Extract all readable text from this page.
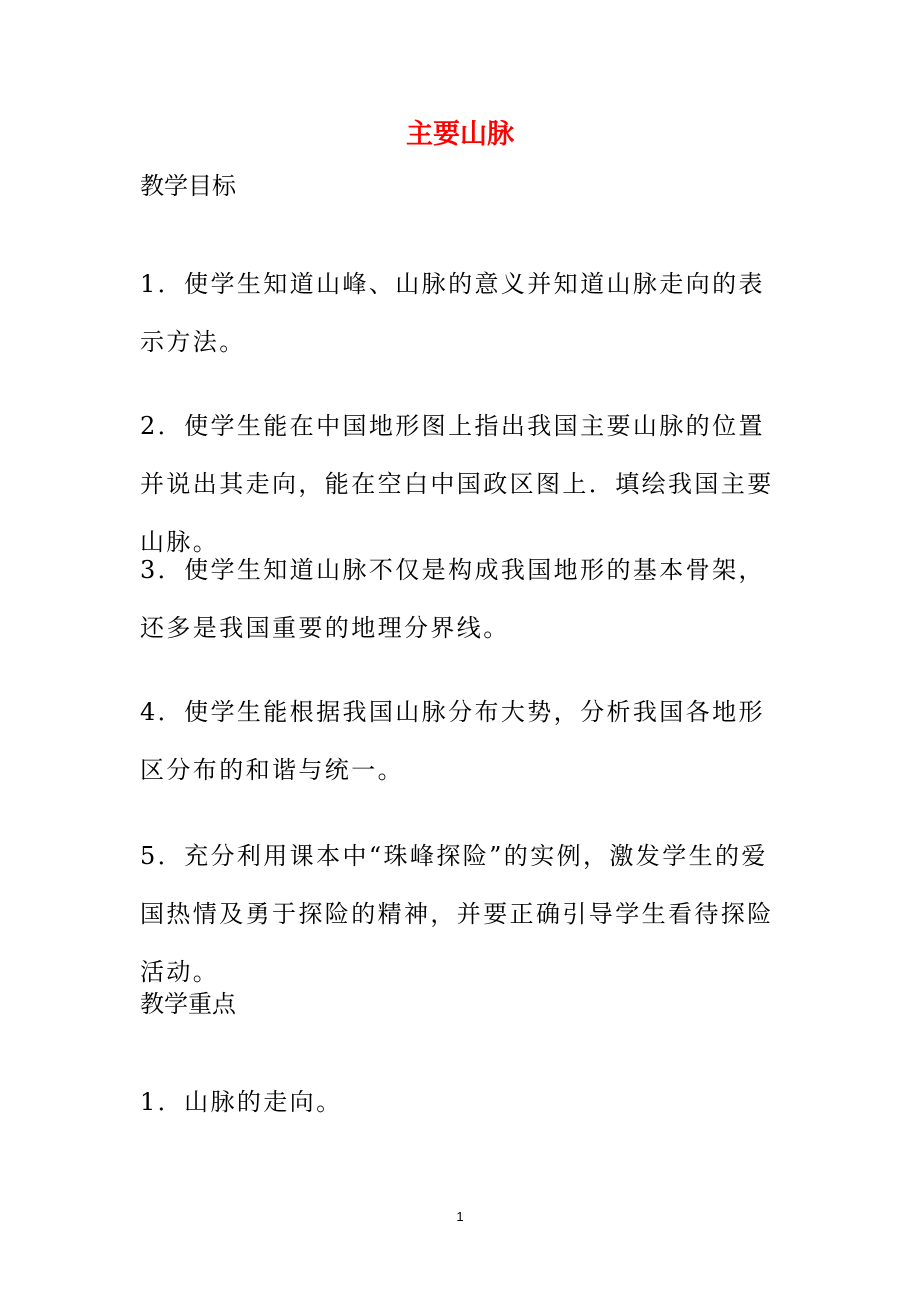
主要山脉

教学目标

1．使学生知道山峰、山脉的意义并知道山脉走向的表示方法。

2．使学生能在中国地形图上指出我国主要山脉的位置并说出其走向，能在空白中国政区图上．填绘我国主要山脉。

3．使学生知道山脉不仅是构成我国地形的基本骨架，还多是我国重要的地理分界线。

4．使学生能根据我国山脉分布大势，分析我国各地形区分布的和谐与统一。

5．充分利用课本中“珠峰探险”的实例，激发学生的爱国热情及勇于探险的精神，并要正确引导学生看待探险活动。

教学重点

1．山脉的走向。

1
